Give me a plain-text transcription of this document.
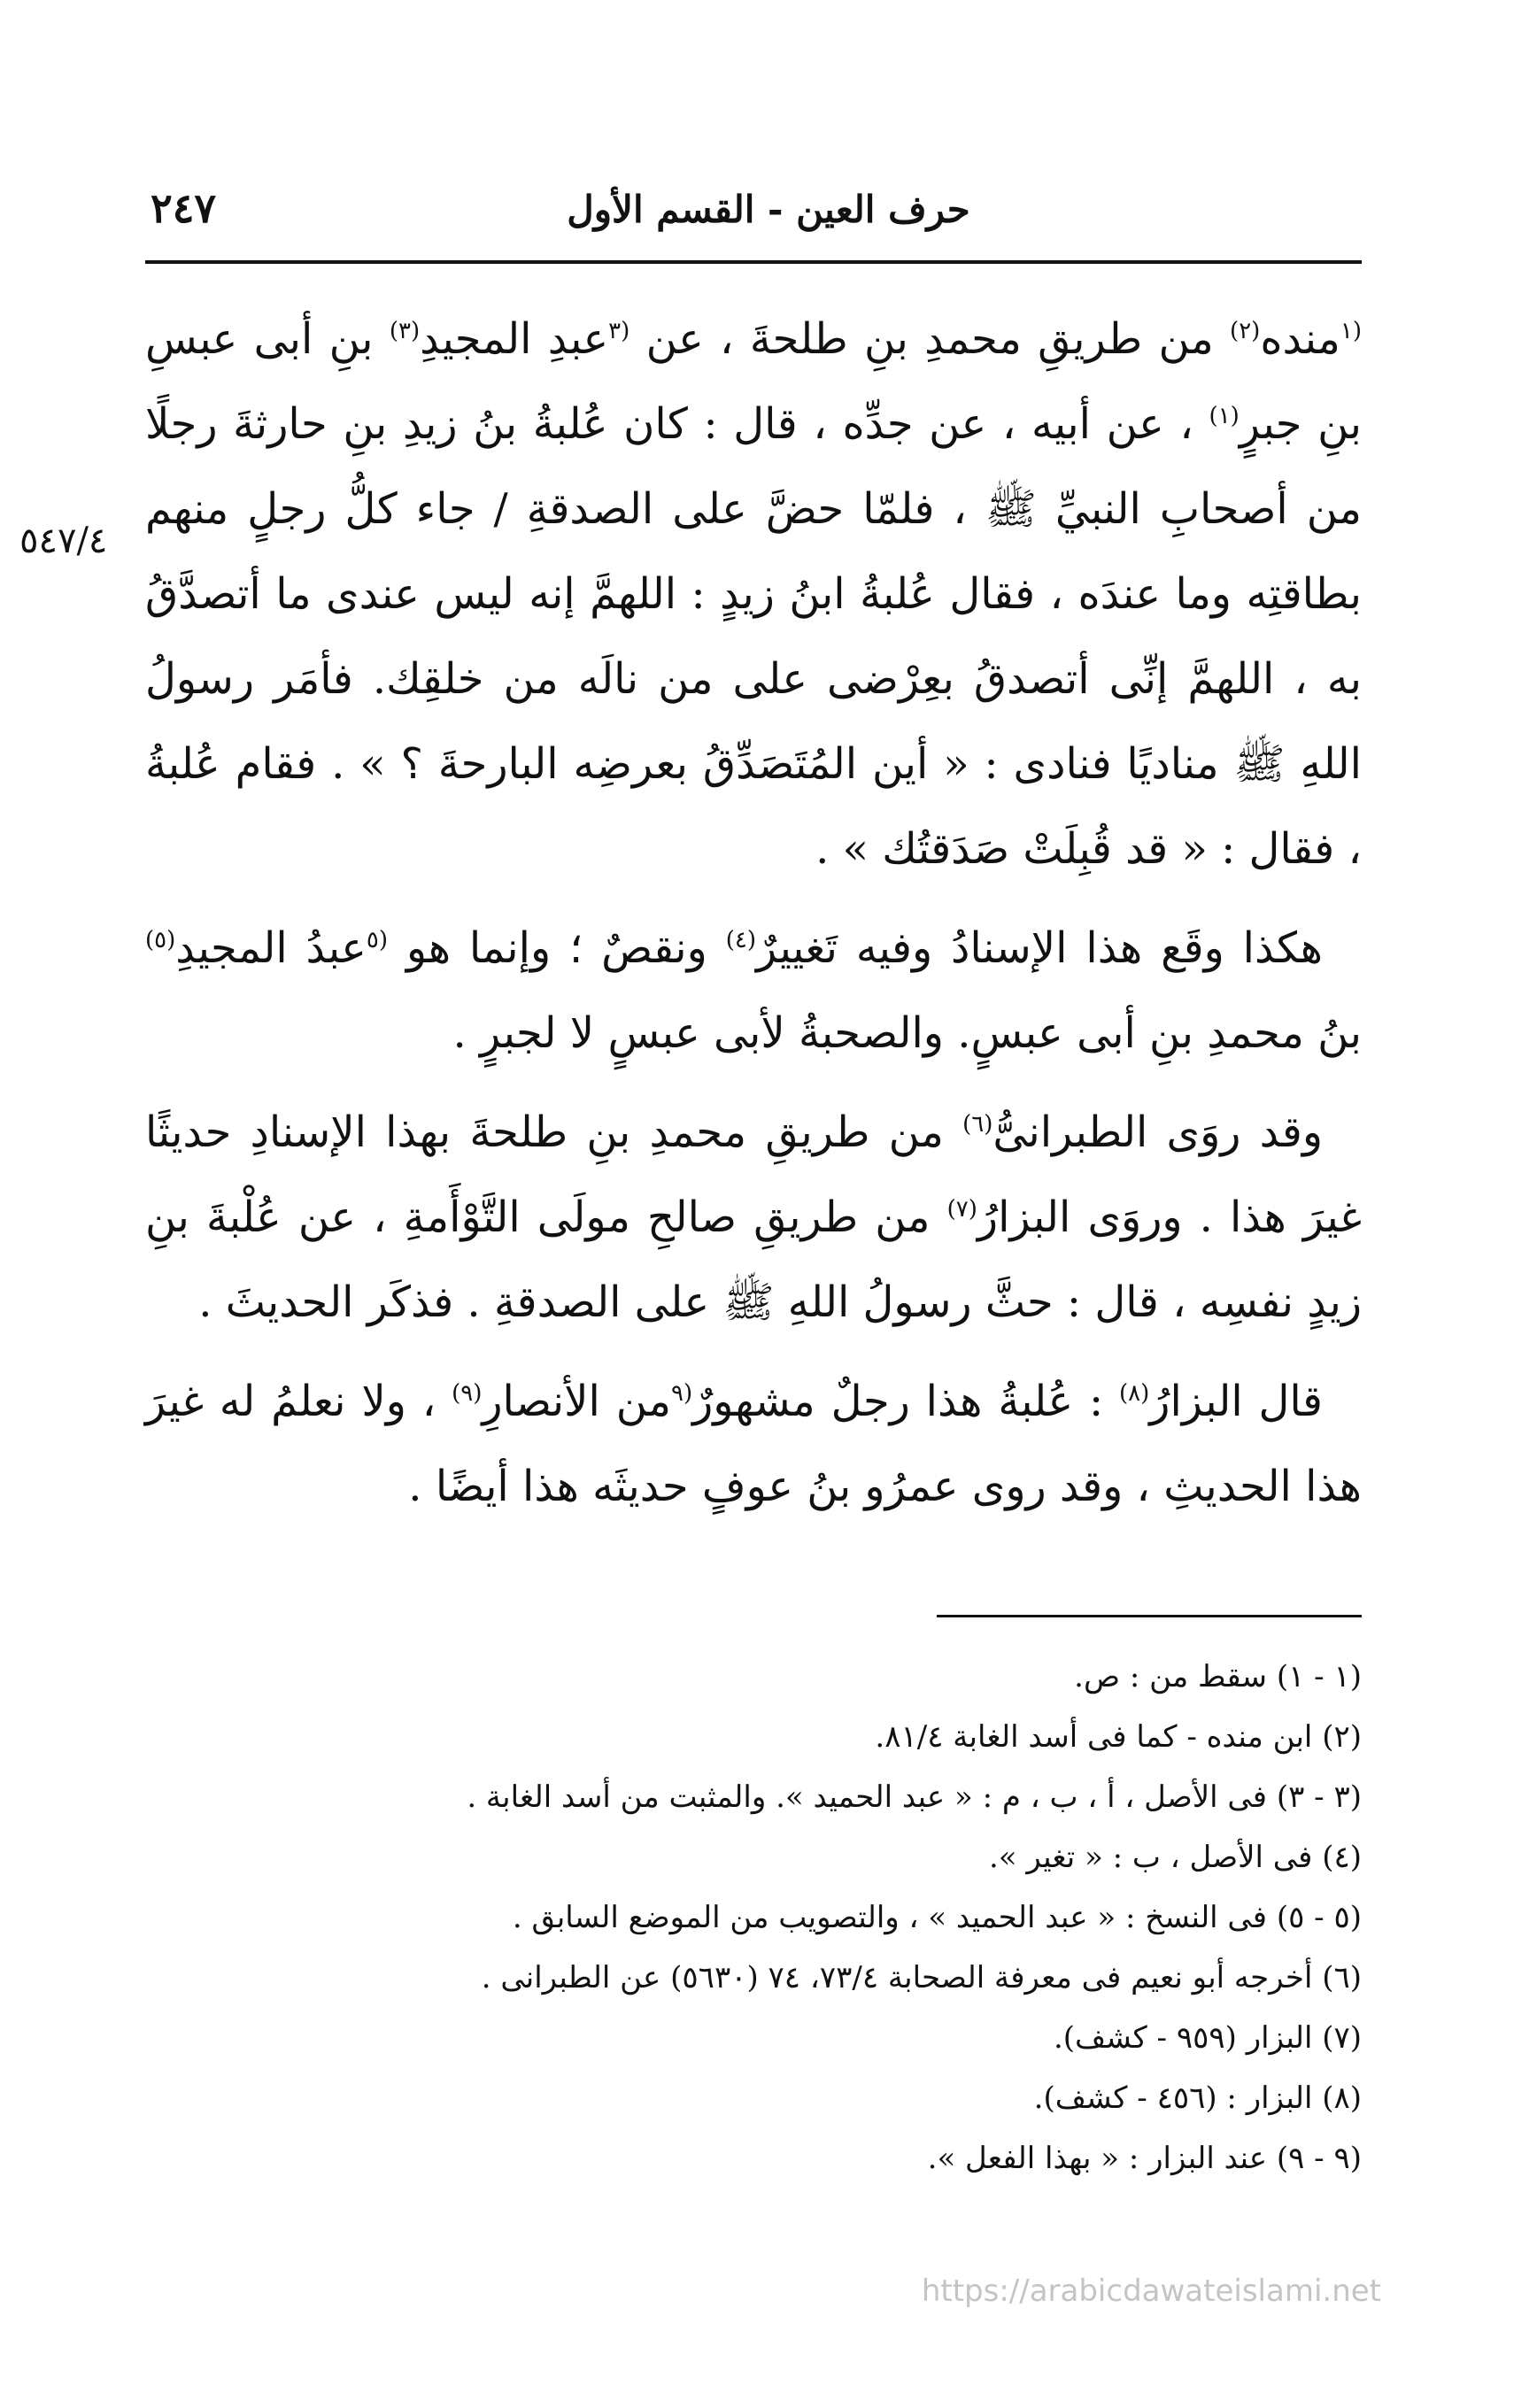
حرف العين - القسم الأول
٢٤٧
٥٤٧/٤

$^{(١}$منده$^{(٢)}$ من طريقِ محمدِ بنِ طلحةَ ، عن $^{(٣}$عبدِ المجيدِ$^{(٣)}$ بنِ أبى عبسِ بنِ جبرٍ$^{(١)}$ ، عن أبيه ، عن جدِّه ، قال : كان عُلبةُ بنُ زيدِ بنِ حارثةَ رجلًا من أصحابِ النبيِّ ﷺ ، فلمّا حضَّ على الصدقةِ / جاء كلُّ رجلٍ منهم بطاقتِه وما عندَه ، فقال عُلبةُ ابنُ زيدٍ : اللهمَّ إنه ليس عندى ما أتصدَّقُ به ، اللهمَّ إنِّى أتصدقُ بعِرْضى على من نالَه من خلقِك. فأمَر رسولُ اللهِ ﷺ مناديًا فنادى : « أين المُتَصَدِّقُ بعرضِه البارحةَ ؟ » . فقام عُلبةُ ، فقال : « قد قُبِلَتْ صَدَقتُك » .

هكذا وقَع هذا الإسنادُ وفيه تَغييرٌ$^{(٤)}$ ونقصٌ ؛ وإنما هو $^{(٥}$عبدُ المجيدِ$^{(٥)}$ بنُ محمدِ بنِ أبى عبسٍ. والصحبةُ لأبى عبسٍ لا لجبرٍ .

وقد روَى الطبرانىُّ$^{(٦)}$ من طريقِ محمدِ بنِ طلحةَ بهذا الإسنادِ حديثًا غيرَ هذا . وروَى البزارُ$^{(٧)}$ من طريقِ صالحِ مولَى التَّوْأَمةِ ، عن عُلْبةَ بنِ زيدٍ نفسِه ، قال : حثَّ رسولُ اللهِ ﷺ على الصدقةِ . فذكَر الحديثَ .

قال البزارُ$^{(٨)}$ : عُلبةُ هذا رجلٌ مشهورٌ$^{(٩}$من الأنصارِ$^{(٩)}$ ، ولا نعلمُ له غيرَ هذا الحديثِ ، وقد روى عمرُو بنُ عوفٍ حديثَه هذا أيضًا .

(١ - ١) سقط من : ص.
(٢) ابن منده - كما فى أسد الغابة ٨١/٤.
(٣ - ٣) فى الأصل ، أ ، ب ، م : « عبد الحميد ». والمثبت من أسد الغابة .
(٤) فى الأصل ، ب : « تغير ».
(٥ - ٥) فى النسخ : « عبد الحميد » ، والتصويب من الموضع السابق .
(٦) أخرجه أبو نعيم فى معرفة الصحابة ٧٣/٤، ٧٤ (٥٦٣٠) عن الطبرانى .
(٧) البزار (٩٥٩ - كشف).
(٨) البزار : (٤٥٦ - كشف).
(٩ - ٩) عند البزار : « بهذا الفعل ».
https://arabicdawateislami.net
